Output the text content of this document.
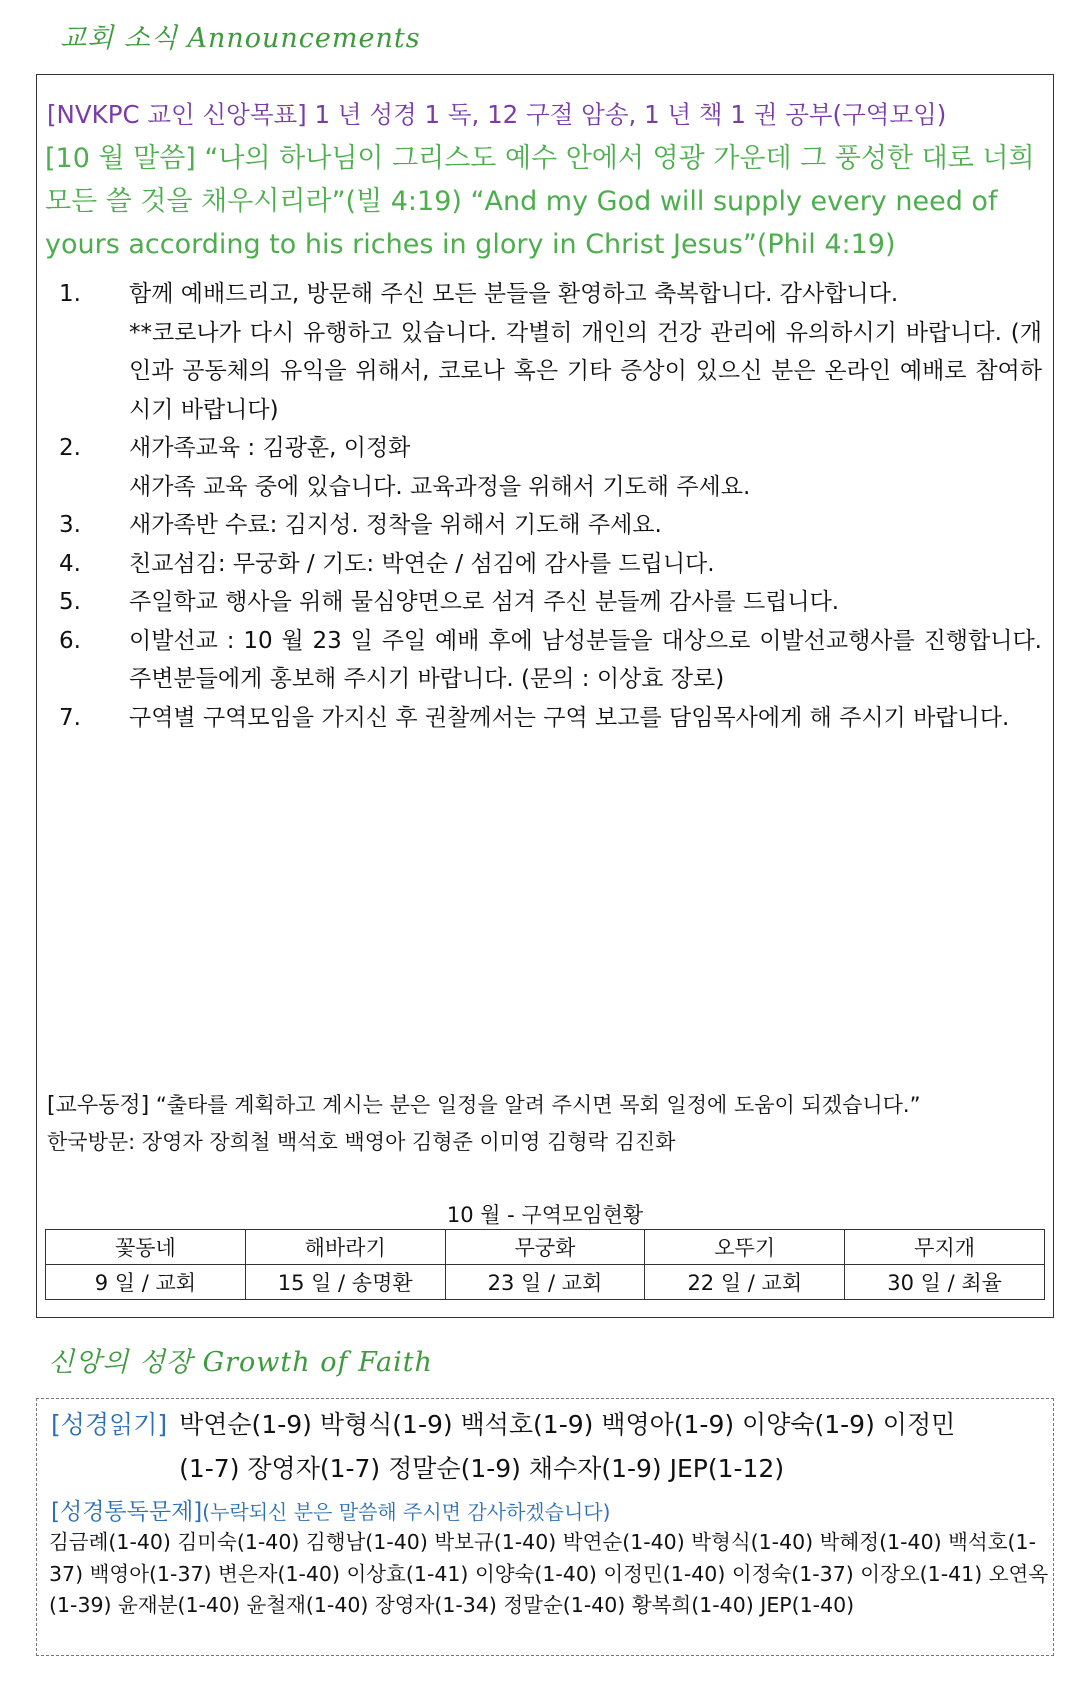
교회 소식 Announcements
[NVKPC 교인 신앙목표] 1 년 성경 1 독, 12 구절 암송, 1 년 책 1 권 공부(구역모임)
[10 월 말씀] “나의 하나님이 그리스도 예수 안에서 영광 가운데 그 풍성한 대로 너희 모든 쓸 것을 채우시리라”(빌 4:19) “And my God will supply every need of yours according to his riches in glory in Christ Jesus”(Phil 4:19)
1.	함께 예배드리고, 방문해 주신 모든 분들을 환영하고 축복합니다. 감사합니다.
**코로나가 다시 유행하고 있습니다. 각별히 개인의 건강 관리에 유의하시기 바랍니다. (개인과 공동체의 유익을 위해서, 코로나 혹은 기타 증상이 있으신 분은 온라인 예배로 참여하시기 바랍니다)
2.	새가족교육 : 김광훈, 이정화
새가족 교육 중에 있습니다. 교육과정을 위해서 기도해 주세요.
3.	새가족반 수료: 김지성. 정착을 위해서 기도해 주세요.
4.	친교섬김: 무궁화 / 기도: 박연순 / 섬김에 감사를 드립니다.
5.	주일학교 행사을 위해 물심양면으로 섬겨 주신 분들께 감사를 드립니다.
6.	이발선교 : 10 월 23 일 주일 예배 후에 남성분들을 대상으로 이발선교행사를 진행합니다. 주변분들에게 홍보해 주시기 바랍니다. (문의 : 이상효 장로)
7.	구역별 구역모임을 가지신 후 권찰께서는 구역 보고를 담임목사에게 해 주시기 바랍니다.
[교우동정] “출타를 계획하고 계시는 분은 일정을 알려 주시면 목회 일정에 도움이 되겠습니다.”
한국방문: 장영자 장희철 백석호 백영아 김형준 이미영 김형락 김진화
10 월 - 구역모임현황
꽃동네	해바라기	무궁화	오뚜기	무지개
9 일 / 교회	15 일 / 송명환	23 일 / 교회	22 일 / 교회	30 일 / 최율
신앙의 성장 Growth of Faith
[성경읽기] 박연순(1-9) 박형식(1-9) 백석호(1-9) 백영아(1-9) 이양숙(1-9) 이정민(1-7) 장영자(1-7) 정말순(1-9) 채수자(1-9) JEP(1-12)
[성경통독문제](누락되신 분은 말씀해 주시면 감사하겠습니다)
김금례(1-40) 김미숙(1-40) 김행남(1-40) 박보규(1-40) 박연순(1-40) 박형식(1-40) 박혜정(1-40) 백석호(1-37) 백영아(1-37) 변은자(1-40) 이상효(1-41) 이양숙(1-40) 이정민(1-40) 이정숙(1-37) 이장오(1-41) 오연옥(1-39) 윤재분(1-40) 윤철재(1-40) 장영자(1-34) 정말순(1-40) 황복희(1-40) JEP(1-40)
